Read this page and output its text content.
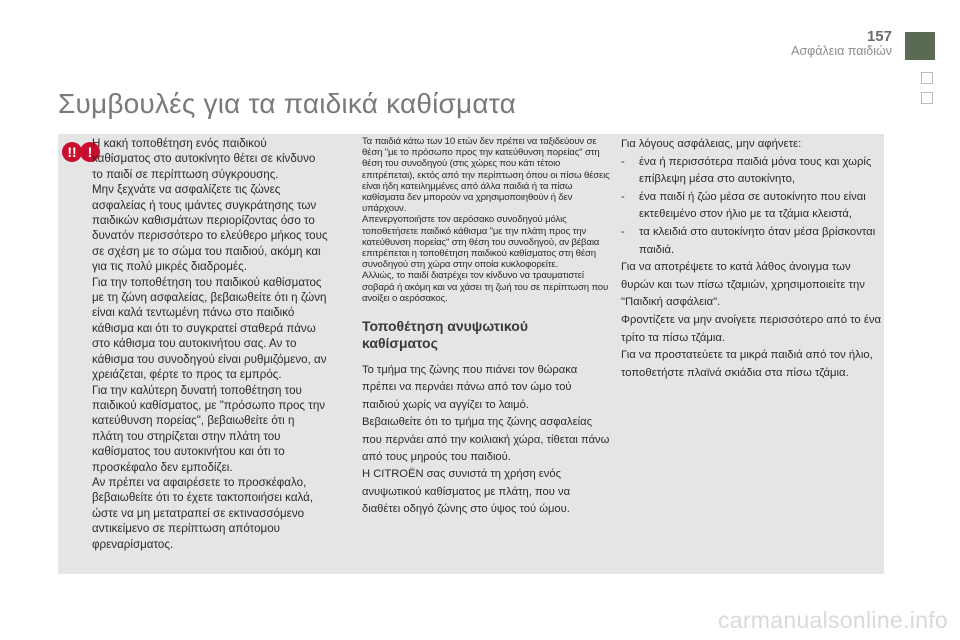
157
Ασφάλεια παιδιών
Συμβουλές για τα παιδικά καθίσματα
!! !

Η κακή τοποθέτηση ενός παιδικού καθίσματος στο αυτοκίνητο θέτει σε κίνδυνο το παιδί σε περίπτωση σύγκρουσης.

Μην ξεχνάτε να ασφαλίζετε τις ζώνες ασφαλείας ή τους ιμάντες συγκράτησης των παιδικών καθισμάτων περιορίζοντας όσο το δυνατόν περισσότερο το ελεύθερο μήκος τους σε σχέση με το σώμα του παιδιού, ακόμη και για τις πολύ μικρές διαδρομές.

Για την τοποθέτηση του παιδικού καθίσματος με τη ζώνη ασφαλείας, βεβαιωθείτε ότι η ζώνη είναι καλά τεντωμένη πάνω στο παιδικό κάθισμα και ότι το συγκρατεί σταθερά πάνω στο κάθισμα του αυτοκινήτου σας. Αν το κάθισμα του συνοδηγού είναι ρυθμιζόμενο, αν χρειάζεται, φέρτε το προς τα εμπρός.

Για την καλύτερη δυνατή τοποθέτηση του παιδικού καθίσματος, με "πρόσωπο προς την κατεύθυνση πορείας", βεβαιωθείτε ότι η πλάτη του στηρίζεται στην πλάτη του καθίσματος του αυτοκινήτου και ότι το προσκέφαλο δεν εμποδίζει.

Αν πρέπει να αφαιρέσετε το προσκέφαλο, βεβαιωθείτε ότι το έχετε τακτοποιήσει καλά, ώστε να μη μετατραπεί σε εκτινασσόμενο αντικείμενο σε περίπτωση απότομου φρεναρίσματος.

Τα παιδιά κάτω των 10 ετών δεν πρέπει να ταξιδεύουν σε θέση "με το πρόσωπο προς την κατεύθυνση πορείας" στη θέση του συνοδηγού (στις χώρες που κάτι τέτοιο επιτρέπεται), εκτός από την περίπτωση όπου οι πίσω θέσεις είναι ήδη κατειλημμένες από άλλα παιδιά ή τα πίσω καθίσματα δεν μπορούν να χρησιμοποιηθούν ή δεν υπάρχουν.

Απενεργοποιήστε τον αερόσακο συνοδηγού μόλις τοποθετήσετε παιδικό κάθισμα "με την πλάτη προς την κατεύθυνση πορείας" στη θέση του συνοδηγού, αν βέβαια επιτρέπεται η τοποθέτηση παιδικού καθίσματος στη θέση συνοδηγού στη χώρα στην οποία κυκλοφορείτε.

Αλλιώς, το παιδί διατρέχει τον κίνδυνο να τραυματιστεί σοβαρά ή ακόμη και να χάσει τη ζωή του σε περίπτωση που ανοίξει ο αερόσακος.

Τοποθέτηση ανυψωτικού καθίσματος

Το τμήμα της ζώνης που πιάνει τον θώρακα πρέπει να περνάει πάνω από τον ώμο τού παιδιού χωρίς να αγγίζει το λαιμό.

Βεβαιωθείτε ότι το τμήμα της ζώνης ασφαλείας που περνάει από την κοιλιακή χώρα, τίθεται πάνω από τους μηρούς του παιδιού.

Η CITROËN σας συνιστά τη χρήση ενός ανυψωτικού καθίσματος με πλάτη, που να διαθέτει οδηγό ζώνης στο ύψος τού ώμου.

Για λόγους ασφάλειας, μην αφήνετε:

-	ένα ή περισσότερα παιδιά μόνα τους και χωρίς επίβλεψη μέσα στο αυτοκίνητο,
-	ένα παιδί ή ζώο μέσα σε αυτοκίνητο που είναι εκτεθειμένο στον ήλιο με τα τζάμια κλειστά,
-	τα κλειδιά στο αυτοκίνητο όταν μέσα βρίσκονται παιδιά.

Για να αποτρέψετε το κατά λάθος άνοιγμα των θυρών και των πίσω τζαμιών, χρησιμοποιείτε την "Παιδική ασφάλεια".

Φροντίζετε να μην ανοίγετε περισσότερο από το ένα τρίτο τα πίσω τζάμια.

Για να προστατεύετε τα μικρά παιδιά από τον ήλιο, τοποθετήστε πλαϊνά σκιάδια στα πίσω τζάμια.

carmanualsonline.info
